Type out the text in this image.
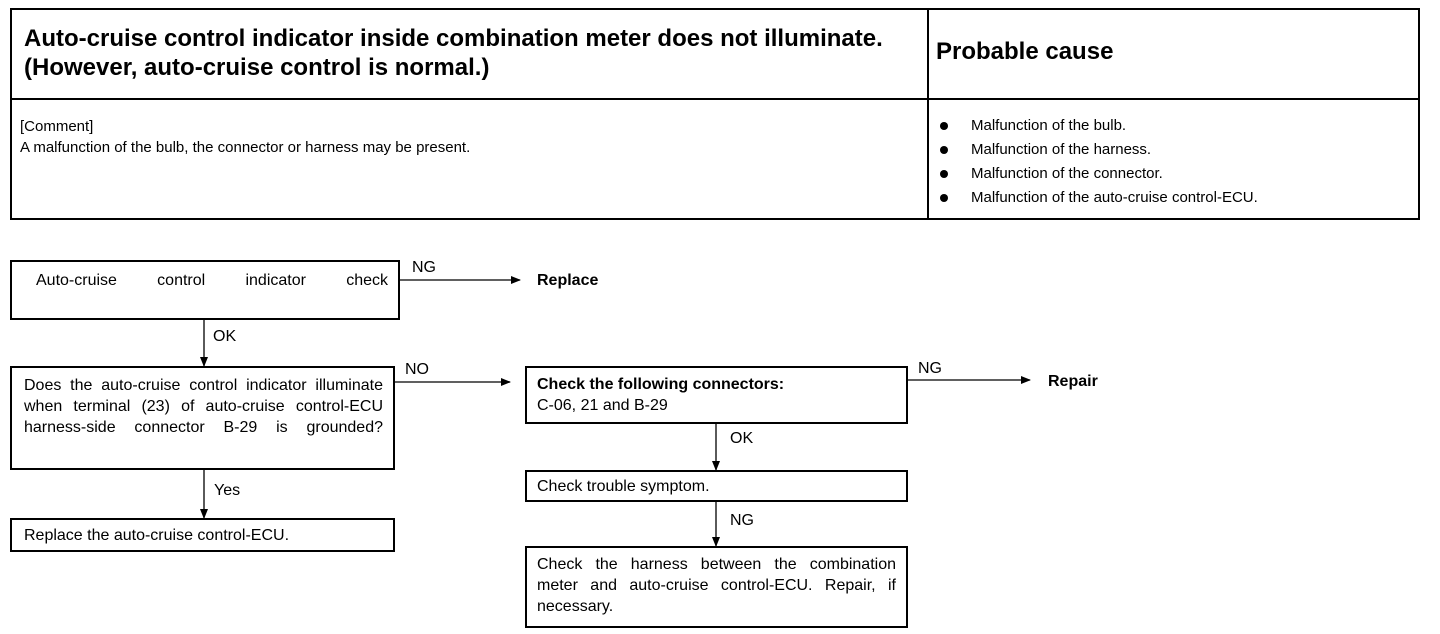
Auto-cruise control indicator inside combination meter does not illuminate. (However, auto-cruise control is normal.)
Probable cause
[Comment]
A malfunction of the bulb, the connector or harness may be present.
Malfunction of the bulb.
Malfunction of the harness.
Malfunction of the connector.
Malfunction of the auto-cruise control-ECU.
Auto-cruise control indicator check
NG
Replace
OK
Does the auto-cruise control indicator illuminate when terminal (23) of auto-cruise control-ECU harness-side connector B-29 is grounded?
NO
Yes
Replace the auto-cruise control-ECU.
Check the following connectors:
C-06, 21 and B-29
NG
Repair
OK
Check trouble symptom.
NG
Check the harness between the combination meter and auto-cruise control-ECU. Repair, if necessary.
